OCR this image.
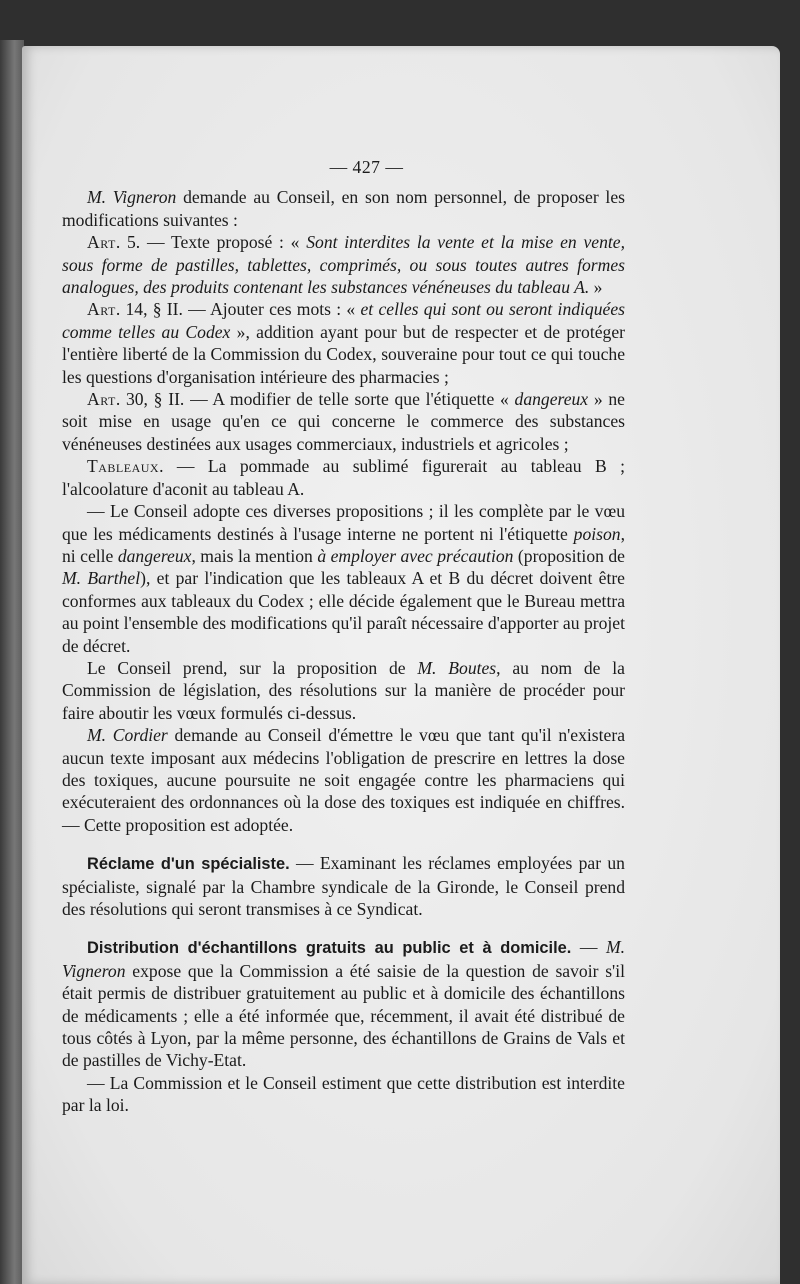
— 427 —

M. Vigneron demande au Conseil, en son nom personnel, de proposer les modifications suivantes :

Art. 5. — Texte proposé : « Sont interdites la vente et la mise en vente, sous forme de pastilles, tablettes, comprimés, ou sous toutes autres formes analogues, des produits contenant les substances vénéneuses du tableau A. »

Art. 14, § II. — Ajouter ces mots : « et celles qui sont ou seront indiquées comme telles au Codex », addition ayant pour but de respecter et de protéger l'entière liberté de la Commission du Codex, souveraine pour tout ce qui touche les questions d'organisation intérieure des pharmacies ;

Art. 30, § II. — A modifier de telle sorte que l'étiquette « dangereux » ne soit mise en usage qu'en ce qui concerne le commerce des substances vénéneuses destinées aux usages commerciaux, industriels et agricoles ;

Tableaux. — La pommade au sublimé figurerait au tableau B ; l'alcoolature d'aconit au tableau A.

— Le Conseil adopte ces diverses propositions ; il les complète par le vœu que les médicaments destinés à l'usage interne ne portent ni l'étiquette poison, ni celle dangereux, mais la mention à employer avec précaution (proposition de M. Barthel), et par l'indication que les tableaux A et B du décret doivent être conformes aux tableaux du Codex ; elle décide également que le Bureau mettra au point l'ensemble des modifications qu'il paraît nécessaire d'apporter au projet de décret.

Le Conseil prend, sur la proposition de M. Boutes, au nom de la Commission de législation, des résolutions sur la manière de procéder pour faire aboutir les vœux formulés ci-dessus.

M. Cordier demande au Conseil d'émettre le vœu que tant qu'il n'existera aucun texte imposant aux médecins l'obligation de prescrire en lettres la dose des toxiques, aucune poursuite ne soit engagée contre les pharmaciens qui exécuteraient des ordonnances où la dose des toxiques est indiquée en chiffres. — Cette proposition est adoptée.

Réclame d'un spécialiste. — Examinant les réclames employées par un spécialiste, signalé par la Chambre syndicale de la Gironde, le Conseil prend des résolutions qui seront transmises à ce Syndicat.

Distribution d'échantillons gratuits au public et à domicile. — M. Vigneron expose que la Commission a été saisie de la question de savoir s'il était permis de distribuer gratuitement au public et à domicile des échantillons de médicaments ; elle a été informée que, récemment, il avait été distribué de tous côtés à Lyon, par la même personne, des échantillons de Grains de Vals et de pastilles de Vichy-Etat.

— La Commission et le Conseil estiment que cette distribution est interdite par la loi.
